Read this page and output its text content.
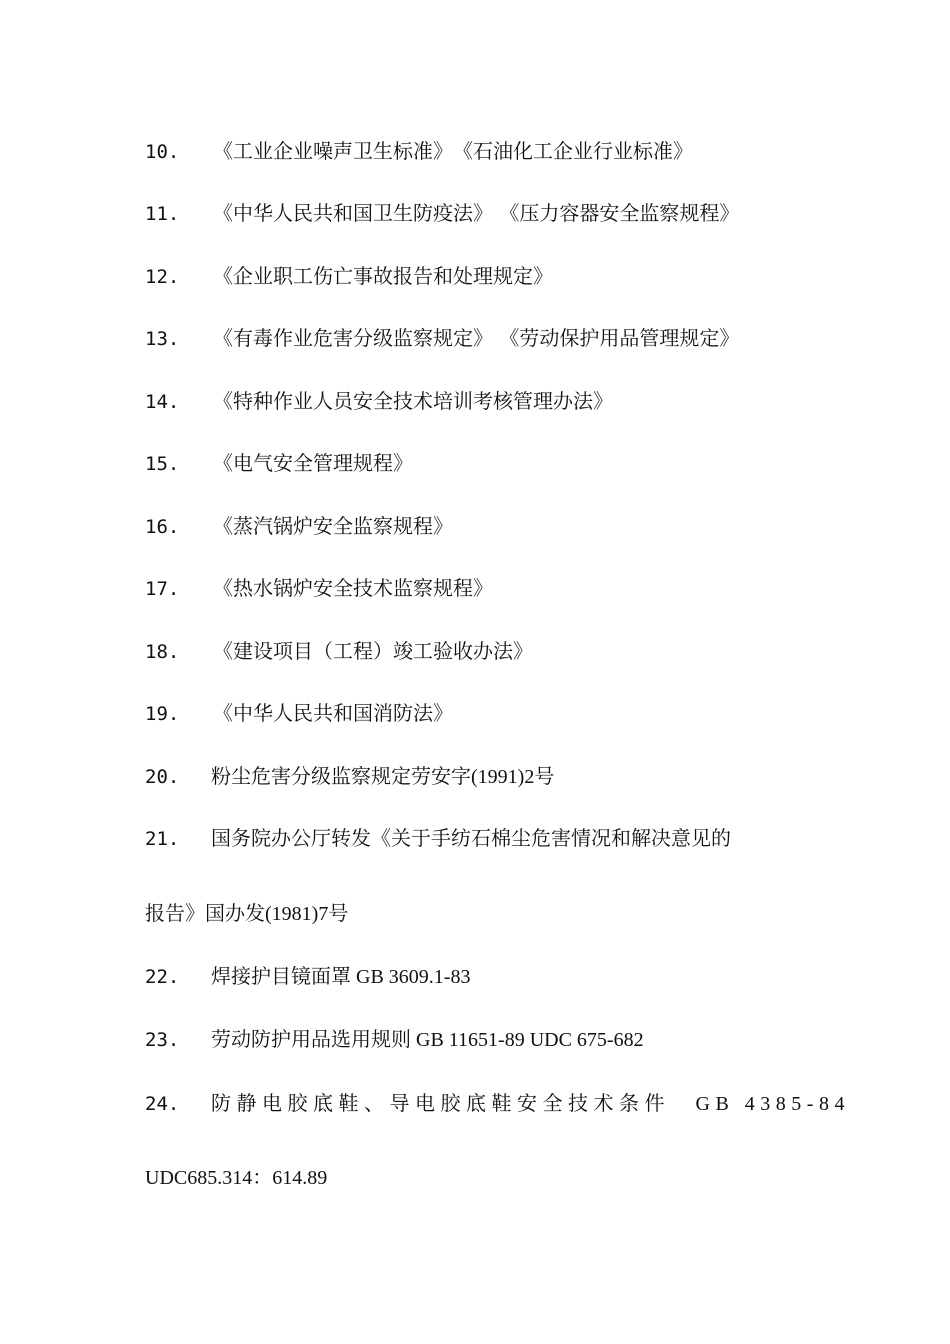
10. 《工业企业噪声卫生标准》　《石油化工企业行业标准》
11. 《中华人民共和国卫生防疫法》 《压力容器安全监察规程》
12. 《企业职工伤亡事故报告和处理规定》
13. 《有毒作业危害分级监察规定》 《劳动保护用品管理规定》
14. 《特种作业人员安全技术培训考核管理办法》
15. 《电气安全管理规程》
16. 《蒸汽锅炉安全监察规程》
17. 《热水锅炉安全技术监察规程》
18. 《建设项目（工程）竣工验收办法》
19. 《中华人民共和国消防法》
20. 粉尘危害分级监察规定劳安字(1991)2号
21. 国务院办公厅转发《关于手纺石棉尘危害情况和解决意见的
报告》国办发(1981)7号
22. 焊接护目镜面罩 GB 3609.1-83
23. 劳动防护用品选用规则 GB 11651-89 UDC 675-682
24. 防静电胶底鞋、导电胶底鞋安全技术条件　GB 4385-84
UDC685.314：614.89
